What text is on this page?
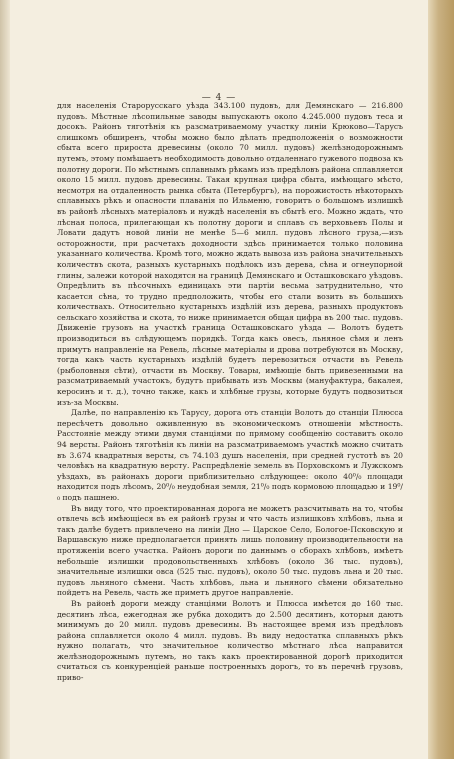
— 4 —

для населенія Старорусскаго уѣзда 343.100 пудовъ, для Демянскаго — 216.800 пудовъ. Мѣстные лѣсопильные заводы выпускаютъ около 4.245.000 пудовъ теса и досокъ. Районъ тяготѣнія къ разсматриваемому участку линіи Крюково—Тарусъ слишкомъ обширенъ, чтобы можно было дѣлать предположенія о возможности сбыта всего прироста древесины (около 70 милл. пудовъ) желѣзнодорожнымъ путемъ, этому помѣшаетъ необходимость довольно отдаленнаго гужевого подвоза къ полотну дороги. По мѣстнымъ сплавнымъ рѣкамъ изъ предѣловъ района сплавляется около 15 милл. пудовъ древесины. Такая крупная цифра сбыта, имѣющаго мѣсто, несмотря на отдаленность рынка сбыта (Петербургъ), на порожистость нѣкоторыхъ сплавныхъ рѣкъ и опасности плаванія по Ильменю, говоритъ о большомъ излишкѣ въ районѣ лѣсныхъ матеріаловъ и нуждѣ населенія въ сбытѣ его. Можно ждать, что лѣсная полоса, прилегающая къ полотну дороги и сплавъ съ верховьевъ Полы и Ловати дадутъ новой линіи не менѣе 5—6 милл. пудовъ лѣсного груза,—изъ осторожности, при расчетахъ доходности здѣсь принимается только половина указаннаго количества. Кромѣ того, можно ждать вывоза изъ района значительныхъ количествъ скота, разныхъ кустарныхъ подѣлокъ изъ дерева, сѣна и огнеупорной глины, залежи которой находятся на границѣ Демянскаго и Осташковскаго уѣздовъ. Опредѣлить въ пѣсочныхъ единицахъ эти партіи весьма затруднительно, что касается сѣна, то трудно предположить, чтобы его стали возить въ большихъ количествахъ. Относительно кустарныхъ издѣлій изъ дерева, разныхъ продуктовъ сельскаго хозяйства и скота, то ниже принимается общая цифра въ 200 тыс. пудовъ. Движеніе грузовъ на участкѣ граница Осташковскаго уѣзда — Волотъ будетъ производиться въ слѣдующемъ порядкѣ. Тогда какъ овесъ, льняное сѣмя и ленъ примутъ направленіе на Ревель, лѣсные матеріалы и дрова потребуются въ Москву, тогда какъ часть кустарныхъ издѣлій будетъ перевозиться отчасти въ Ревель (рыболовныя сѣти), отчасти въ Москву. Товары, имѣющіе быть привезенными на разсматриваемый участокъ, будутъ прибывать изъ Москвы (мануфактура, бакалея, керосинъ и т. д.), точно также, какъ и хлѣбные грузы, которые будутъ подвозиться изъ-за Москвы.

Далѣе, по направленію къ Тарусу, дорога отъ станціи Волотъ до станціи Плюсса пересѣчетъ довольно оживленную въ экономическомъ отношеніи мѣстность. Расстояніе между этими двумя станціями по прямому сообщенію составитъ около 94 версты. Районъ тяготѣнія къ линіи на разсматриваемомъ участкѣ можно считать въ 3.674 квадратныя версты, съ 74.103 душъ населенія, при средней густотѣ въ 20 человѣкъ на квадратную версту. Распредѣленіе земель въ Порховскомъ и Лужскомъ уѣздахъ, въ районахъ дороги приблизительно слѣдующее: около 40⁰/₀ площади находится подъ лѣсомъ, 20⁰/₀ неудобная земля, 21⁰/₀ подъ кормовою площадью и 19⁰/₀ подъ пашнею.

Въ виду того, что проектированная дорога не можетъ разсчитывать на то, чтобы отвлечь всѣ имѣющіеся въ ея районѣ грузы и что часть излишковъ хлѣбовъ, льна и такъ далѣе будетъ привлечено на линіи Дно — Царское Село, Бологое-Псковскую и Варшавскую ниже предполагается принять лишь половину производительности на протяженіи всего участка. Районъ дороги по даннымъ о сборахъ хлѣбовъ, имѣетъ небольшіе излишки продовольственныхъ хлѣбовъ (около 36 тыс. пудовъ), значительные излишки овса (525 тыс. пудовъ), около 50 тыс. пудовъ льна и 20 тыс. пудовъ льняного сѣмени. Часть хлѣбовъ, льна и льняного сѣмени обязательно пойдетъ на Ревель, часть же приметъ другое направленіе.

Въ районѣ дороги между станціями Волотъ и Плюсса имѣется до 160 тыс. десятинъ лѣса, ежегодная же рубка доходитъ до 2.500 десятинъ, которыя даютъ минимумъ до 20 милл. пудовъ древесины. Въ настоящее время изъ предѣловъ района сплавляется около 4 милл. пудовъ. Въ виду недостатка сплавныхъ рѣкъ нужно полагать, что значительное количество мѣстнаго лѣса направится желѣзнодорожнымъ путемъ, но такъ какъ проектированной дорогѣ приходится считаться съ конкуренціей раньше построенныхъ дорогъ, то въ перечнѣ грузовъ, приво-
